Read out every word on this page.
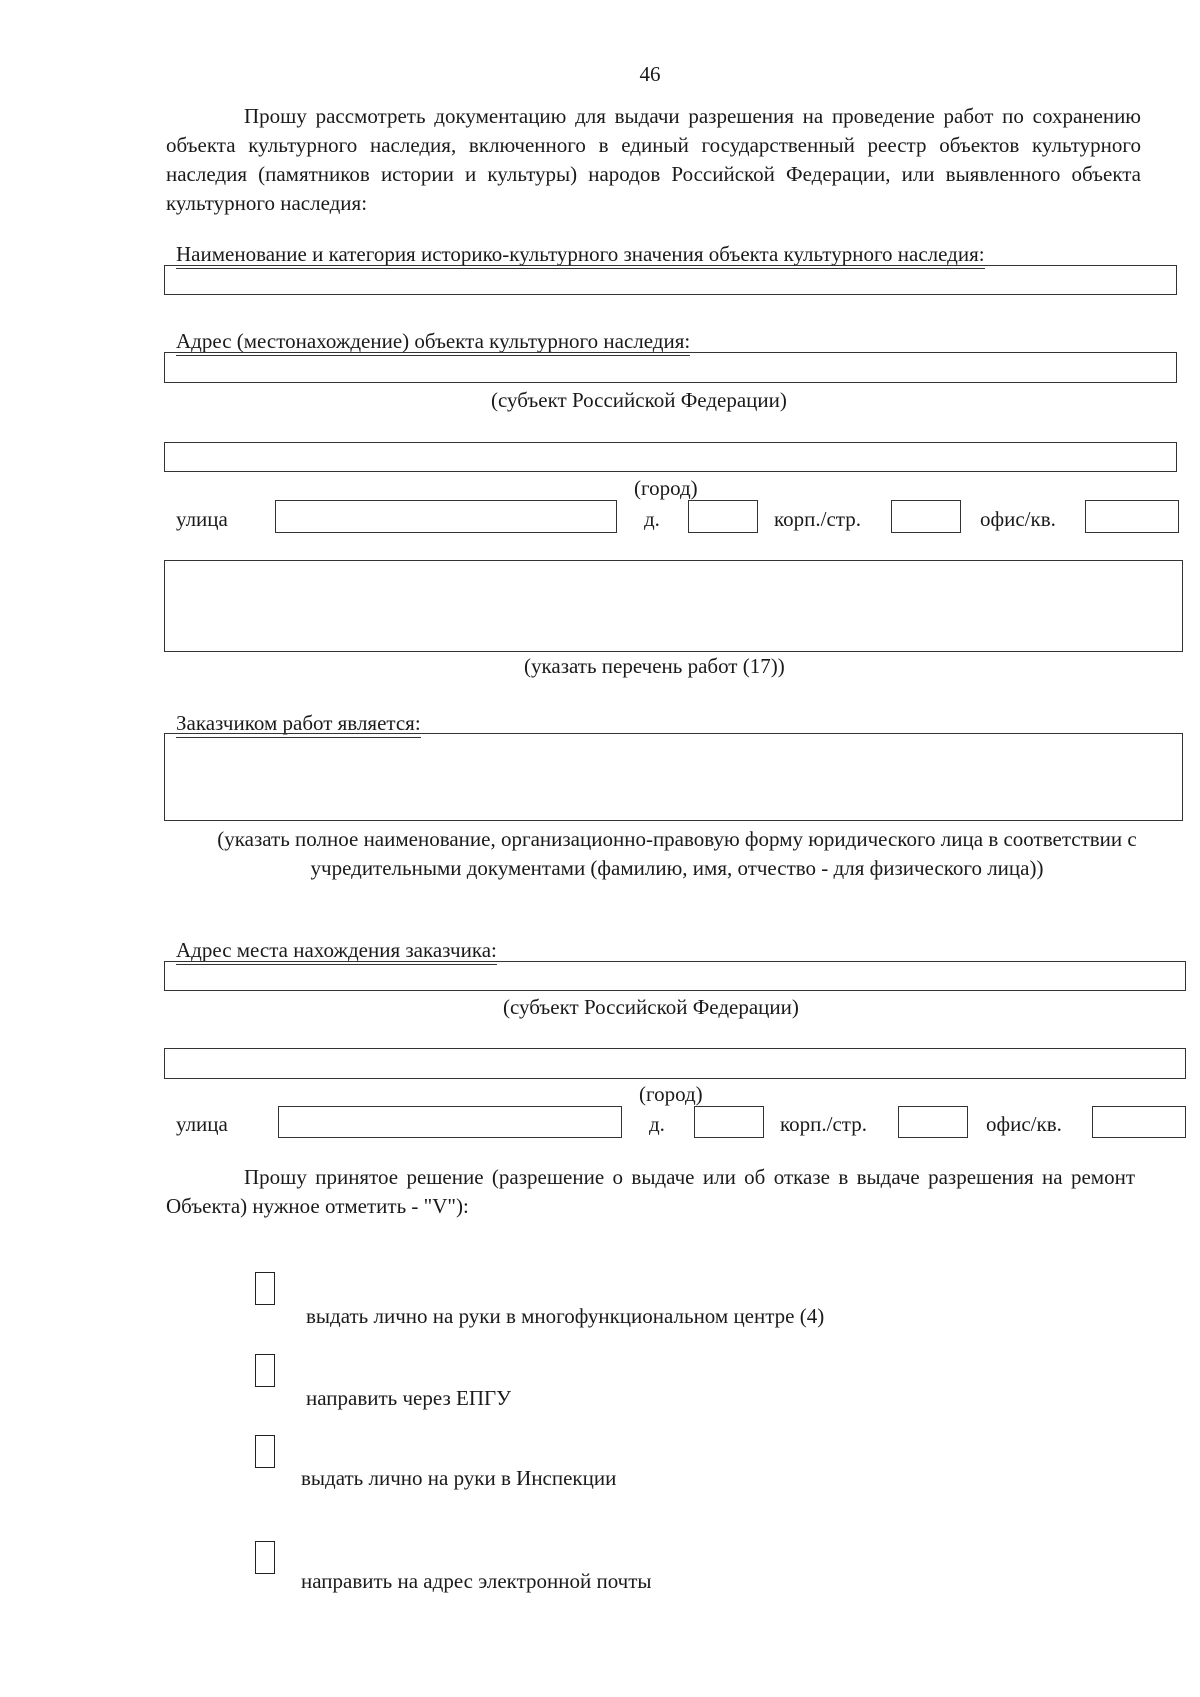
46
Прошу рассмотреть документацию для выдачи разрешения на проведение работ по сохранению объекта культурного наследия, включенного в единый государственный реестр объектов культурного наследия (памятников истории и культуры) народов Российской Федерации, или выявленного объекта культурного наследия:
Наименование и категория историко-культурного значения объекта культурного наследия:
Адрес (местонахождение) объекта культурного наследия:
(субъект Российской Федерации)
(город)
улица	д.	корп./стр.	офис/кв.
(указать перечень работ (17))
Заказчиком работ является:
(указать полное наименование, организационно-правовую форму юридического лица в соответствии с учредительными документами (фамилию, имя, отчество - для физического лица))
Адрес места нахождения заказчика:
(субъект Российской Федерации)
(город)
улица	д.	корп./стр.	офис/кв.
Прошу принятое решение (разрешение о выдаче или об отказе в выдаче разрешения на ремонт Объекта) нужное отметить - "V"):
выдать лично на руки в многофункциональном центре (4)
направить через ЕПГУ
выдать лично на руки в Инспекции
направить на адрес электронной почты
